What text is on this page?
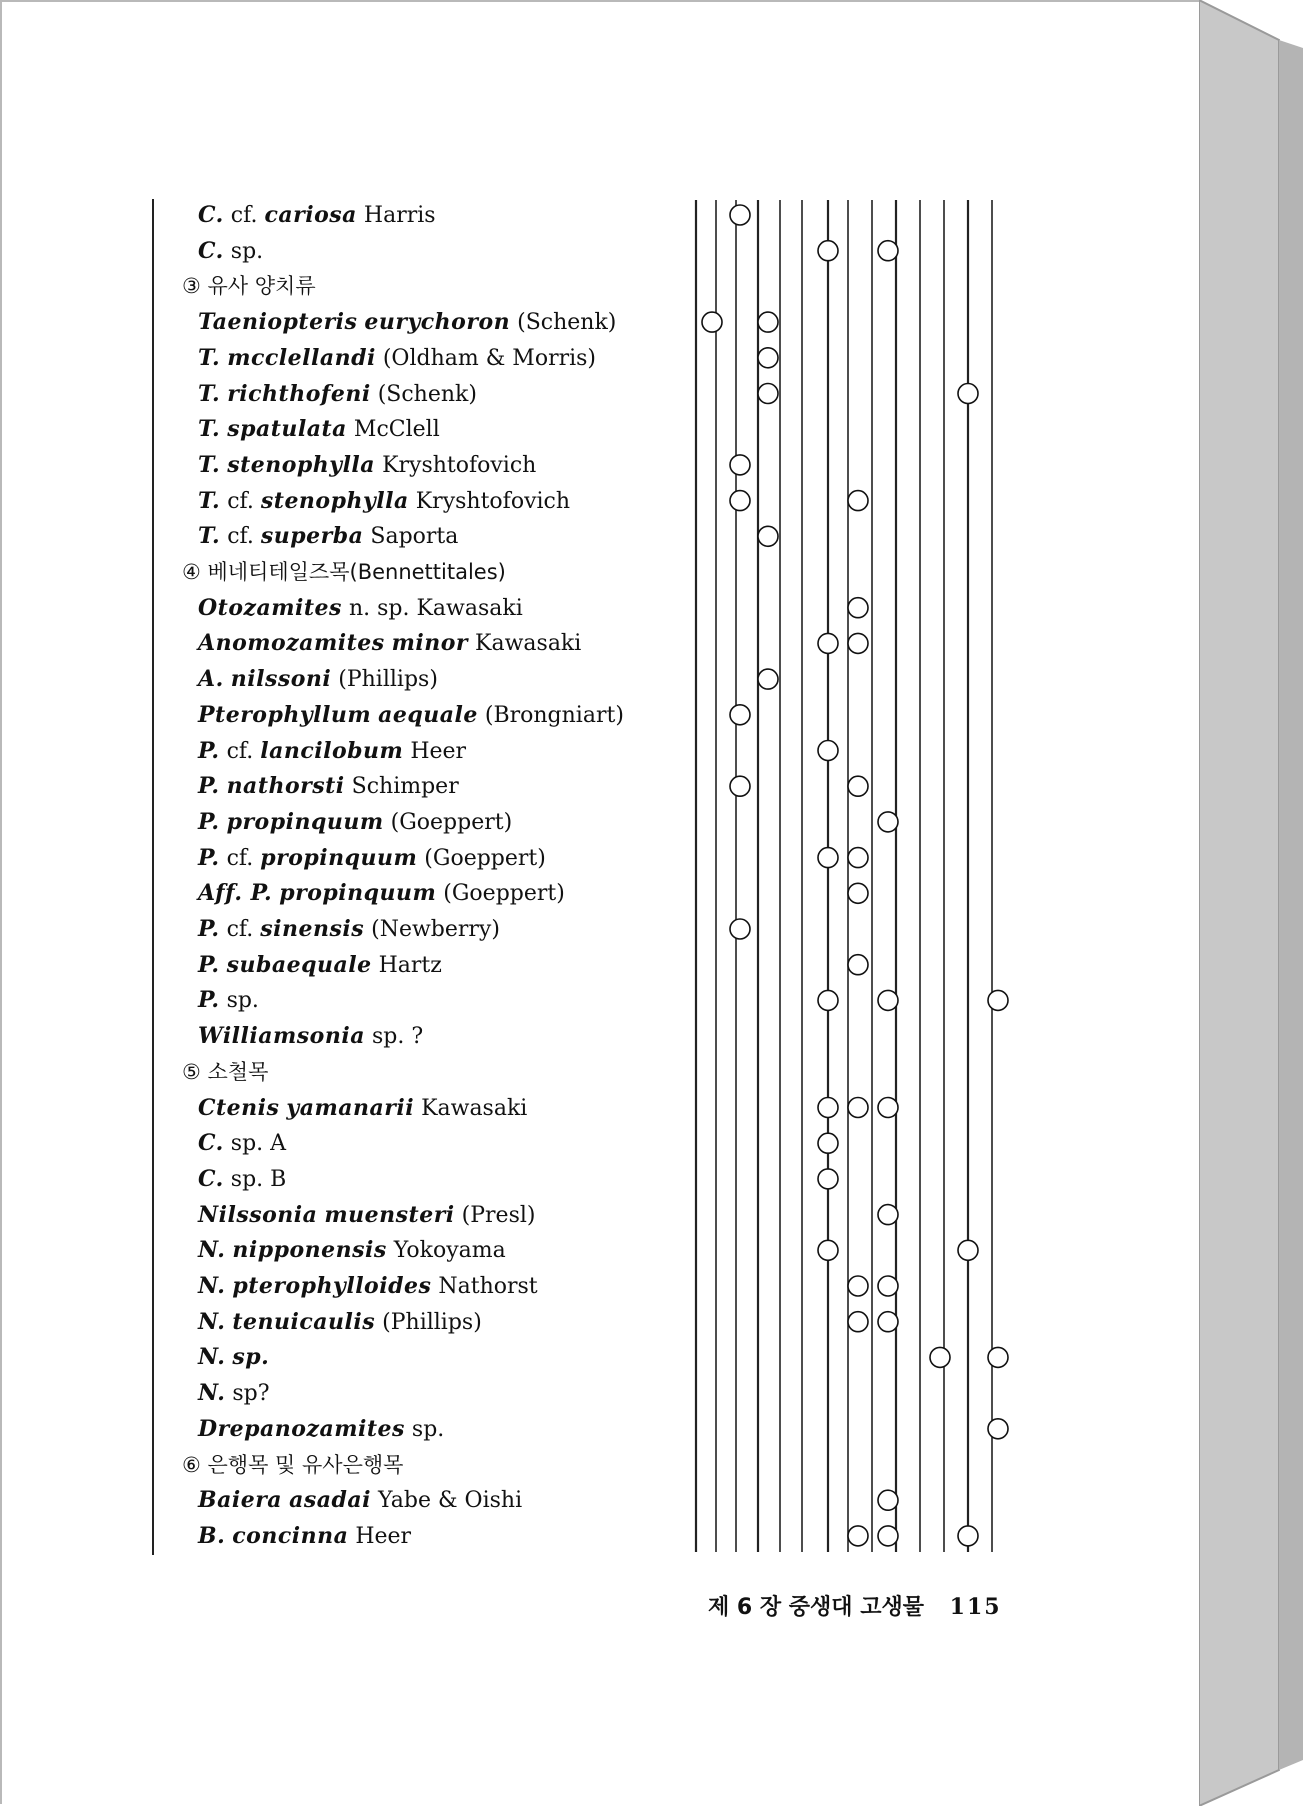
C. cf. cariosa Harris
C. sp.
③ 유사 양치류
Taeniopteris eurychoron (Schenk)
T. mcclellandi (Oldham & Morris)
T. richthofeni (Schenk)
T. spatulata McClell
T. stenophylla Kryshtofovich
T. cf. stenophylla Kryshtofovich
T. cf. superba Saporta
④ 베네티테일즈목(Bennettitales)
Otozamites n. sp. Kawasaki
Anomozamites minor Kawasaki
A. nilssoni (Phillips)
Pterophyllum aequale (Brongniart)
P. cf. lancilobum Heer
P. nathorsti Schimper
P. propinquum (Goeppert)
P. cf. propinquum (Goeppert)
Aff. P. propinquum (Goeppert)
P. cf. sinensis (Newberry)
P. subaequale Hartz
P. sp.
Williamsonia sp. ?
⑤ 소철목
Ctenis yamanarii Kawasaki
C. sp. A
C. sp. B
Nilssonia muensteri (Presl)
N. nipponensis Yokoyama
N. pterophylloides Nathorst
N. tenuicaulis (Phillips)
N. sp.
N. sp?
Drepanozamites sp.
⑥ 은행목 및 유사은행목
Baiera asadai Yabe & Oishi
B. concinna Heer
제 6 장 중생대 고생물 115
